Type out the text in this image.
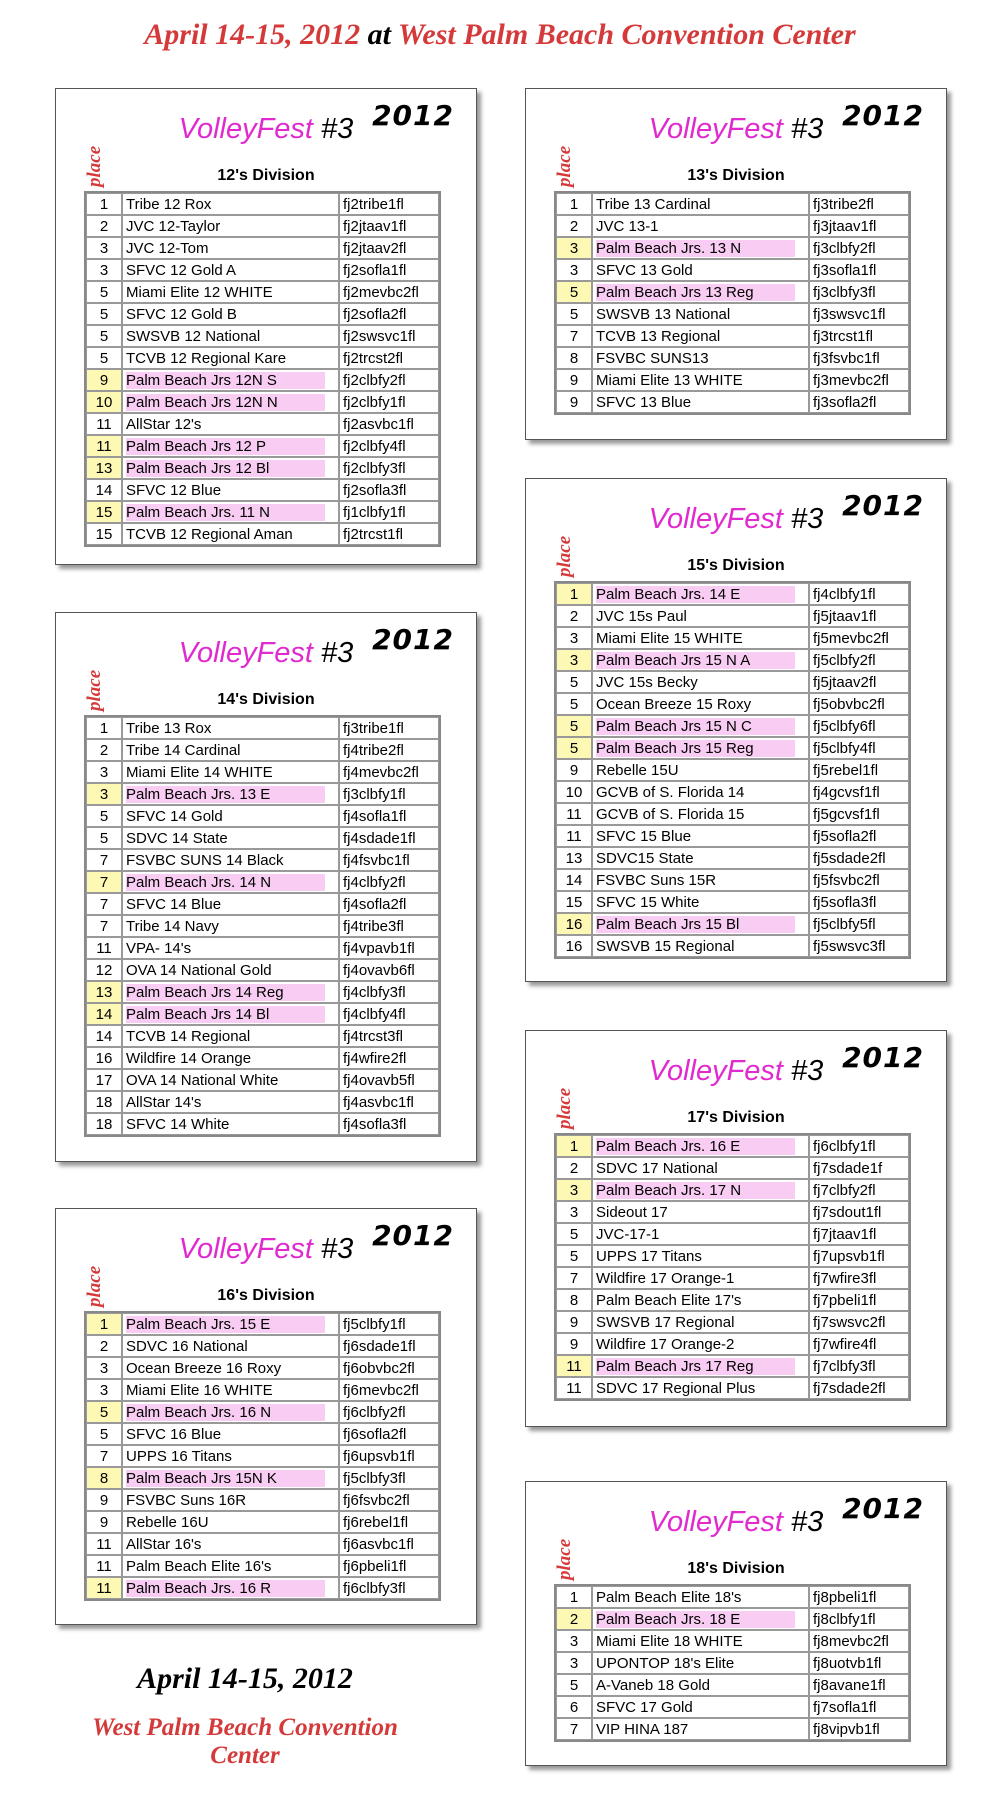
April 14-15, 2012 at West Palm Beach Convention Center
2012
VolleyFest #3
place	12's Division
1	Tribe 12 Rox	fj2tribe1fl
2	JVC 12-Taylor	fj2jtaav1fl
3	JVC 12-Tom	fj2jtaav2fl
3	SFVC 12 Gold A	fj2sofla1fl
5	Miami Elite 12 WHITE	fj2mevbc2fl
5	SFVC 12 Gold B	fj2sofla2fl
5	SWSVB 12 National	fj2swsvc1fl
5	TCVB 12 Regional Kare	fj2trcst2fl
9	Palm Beach Jrs 12N S	fj2clbfy2fl
10	Palm Beach Jrs 12N N	fj2clbfy1fl
11	AllStar 12's	fj2asvbc1fl
11	Palm Beach Jrs 12 P	fj2clbfy4fl
13	Palm Beach Jrs 12 Bl	fj2clbfy3fl
14	SFVC 12 Blue	fj2sofla3fl
15	Palm Beach Jrs. 11 N	fj1clbfy1fl
15	TCVB 12 Regional Aman	fj2trcst1fl
2012
VolleyFest #3
place	14's Division
1	Tribe 13 Rox	fj3tribe1fl
2	Tribe 14 Cardinal	fj4tribe2fl
3	Miami Elite 14 WHITE	fj4mevbc2fl
3	Palm Beach Jrs. 13 E	fj3clbfy1fl
5	SFVC 14 Gold	fj4sofla1fl
5	SDVC 14 State	fj4sdade1fl
7	FSVBC SUNS 14 Black	fj4fsvbc1fl
7	Palm Beach Jrs. 14 N	fj4clbfy2fl
7	SFVC 14 Blue	fj4sofla2fl
7	Tribe 14 Navy	fj4tribe3fl
11	VPA- 14's	fj4vpavb1fl
12	OVA 14 National Gold	fj4ovavb6fl
13	Palm Beach Jrs 14 Reg	fj4clbfy3fl
14	Palm Beach Jrs 14 Bl	fj4clbfy4fl
14	TCVB 14 Regional	fj4trcst3fl
16	Wildfire 14 Orange	fj4wfire2fl
17	OVA 14 National White	fj4ovavb5fl
18	AllStar 14's	fj4asvbc1fl
18	SFVC 14 White	fj4sofla3fl
2012
VolleyFest #3
place	16's Division
1	Palm Beach Jrs. 15 E	fj5clbfy1fl
2	SDVC 16 National	fj6sdade1fl
3	Ocean Breeze 16 Roxy	fj6obvbc2fl
3	Miami Elite 16 WHITE	fj6mevbc2fl
5	Palm Beach Jrs. 16 N	fj6clbfy2fl
5	SFVC 16 Blue	fj6sofla2fl
7	UPPS 16 Titans	fj6upsvb1fl
8	Palm Beach Jrs 15N K	fj5clbfy3fl
9	FSVBC Suns 16R	fj6fsvbc2fl
9	Rebelle 16U	fj6rebel1fl
11	AllStar 16's	fj6asvbc1fl
11	Palm Beach Elite 16's	fj6pbeli1fl
11	Palm Beach Jrs. 16 R	fj6clbfy3fl
2012
VolleyFest #3
place	13's Division
1	Tribe 13 Cardinal	fj3tribe2fl
2	JVC 13-1	fj3jtaav1fl
3	Palm Beach Jrs. 13 N	fj3clbfy2fl
3	SFVC 13 Gold	fj3sofla1fl
5	Palm Beach Jrs 13 Reg	fj3clbfy3fl
5	SWSVB 13 National	fj3swsvc1fl
7	TCVB 13 Regional	fj3trcst1fl
8	FSVBC SUNS13	fj3fsvbc1fl
9	Miami Elite 13 WHITE	fj3mevbc2fl
9	SFVC 13 Blue	fj3sofla2fl
2012
VolleyFest #3
place	15's Division
1	Palm Beach Jrs. 14 E	fj4clbfy1fl
2	JVC 15s Paul	fj5jtaav1fl
3	Miami Elite 15 WHITE	fj5mevbc2fl
3	Palm Beach Jrs 15 N A	fj5clbfy2fl
5	JVC 15s Becky	fj5jtaav2fl
5	Ocean Breeze 15 Roxy	fj5obvbc2fl
5	Palm Beach Jrs 15 N C	fj5clbfy6fl
5	Palm Beach Jrs 15 Reg	fj5clbfy4fl
9	Rebelle 15U	fj5rebel1fl
10	GCVB of S. Florida 14	fj4gcvsf1fl
11	GCVB of S. Florida 15	fj5gcvsf1fl
11	SFVC 15 Blue	fj5sofla2fl
13	SDVC15 State	fj5sdade2fl
14	FSVBC Suns 15R	fj5fsvbc2fl
15	SFVC 15 White	fj5sofla3fl
16	Palm Beach Jrs 15 Bl	fj5clbfy5fl
16	SWSVB 15 Regional	fj5swsvc3fl
2012
VolleyFest #3
place	17's Division
1	Palm Beach Jrs. 16 E	fj6clbfy1fl
2	SDVC 17 National	fj7sdade1f
3	Palm Beach Jrs. 17 N	fj7clbfy2fl
3	Sideout 17	fj7sdout1fl
5	JVC-17-1	fj7jtaav1fl
5	UPPS 17 Titans	fj7upsvb1fl
7	Wildfire 17 Orange-1	fj7wfire3fl
8	Palm Beach Elite 17's	fj7pbeli1fl
9	SWSVB 17 Regional	fj7swsvc2fl
9	Wildfire 17 Orange-2	fj7wfire4fl
11	Palm Beach Jrs 17 Reg	fj7clbfy3fl
11	SDVC 17 Regional Plus	fj7sdade2fl
2012
VolleyFest #3
place	18's Division
1	Palm Beach Elite 18's	fj8pbeli1fl
2	Palm Beach Jrs. 18 E	fj8clbfy1fl
3	Miami Elite 18 WHITE	fj8mevbc2fl
3	UPONTOP 18's Elite	fj8uotvb1fl
5	A-Vaneb 18 Gold	fj8avane1fl
6	SFVC 17 Gold	fj7sofla1fl
7	VIP HINA 187	fj8vipvb1fl
April 14-15, 2012
West Palm Beach Convention Center
